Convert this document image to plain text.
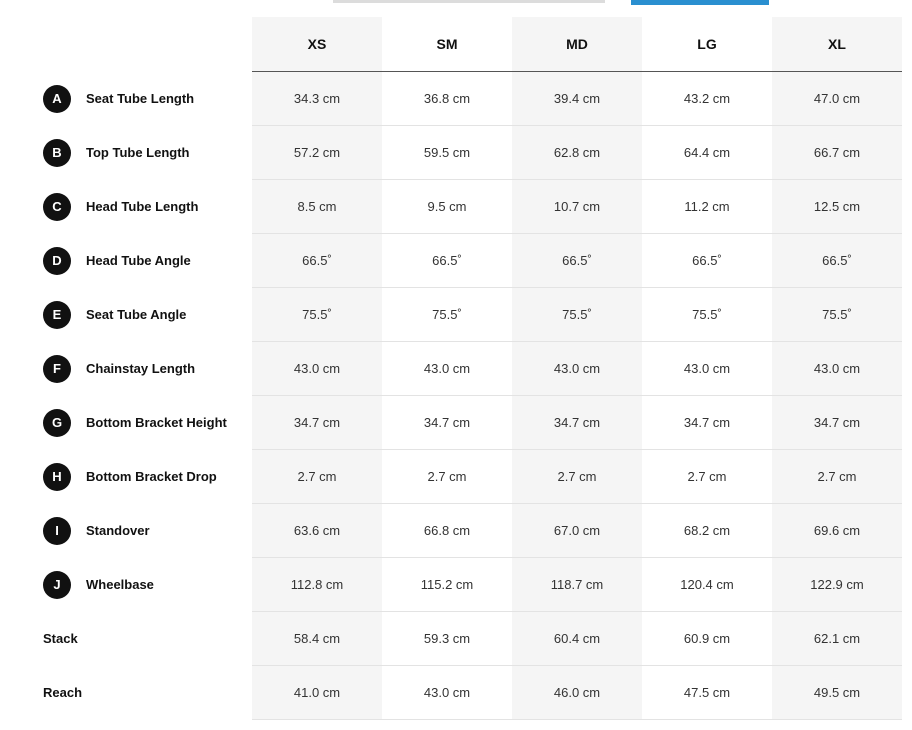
XS	SM	MD	LG	XL
A	Seat Tube Length	34.3 cm	36.8 cm	39.4 cm	43.2 cm	47.0 cm
B	Top Tube Length	57.2 cm	59.5 cm	62.8 cm	64.4 cm	66.7 cm
C	Head Tube Length	8.5 cm	9.5 cm	10.7 cm	11.2 cm	12.5 cm
D	Head Tube Angle	66.5˚	66.5˚	66.5˚	66.5˚	66.5˚
E	Seat Tube Angle	75.5˚	75.5˚	75.5˚	75.5˚	75.5˚
F	Chainstay Length	43.0 cm	43.0 cm	43.0 cm	43.0 cm	43.0 cm
G	Bottom Bracket Height	34.7 cm	34.7 cm	34.7 cm	34.7 cm	34.7 cm
H	Bottom Bracket Drop	2.7 cm	2.7 cm	2.7 cm	2.7 cm	2.7 cm
I	Standover	63.6 cm	66.8 cm	67.0 cm	68.2 cm	69.6 cm
J	Wheelbase	112.8 cm	115.2 cm	118.7 cm	120.4 cm	122.9 cm
Stack	58.4 cm	59.3 cm	60.4 cm	60.9 cm	62.1 cm
Reach	41.0 cm	43.0 cm	46.0 cm	47.5 cm	49.5 cm
